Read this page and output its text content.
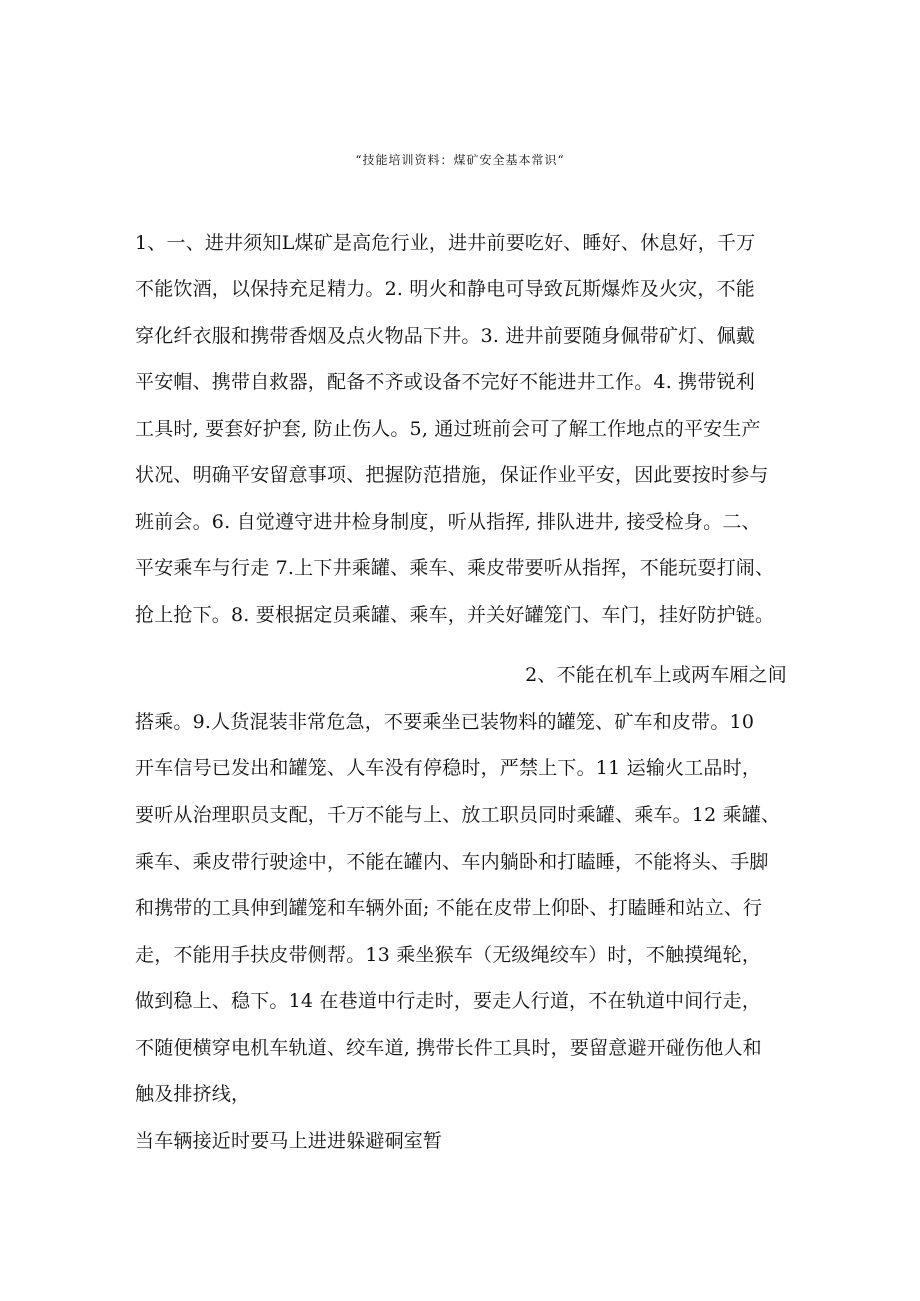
“技能培训资料：煤矿安全基本常识“
1、一、进井须知L煤矿是高危行业，进井前要吃好、睡好、休息好，千万
不能饮酒，以保持充足精力。2. 明火和静电可导致瓦斯爆炸及火灾，不能
穿化纤衣服和携带香烟及点火物品下井。3. 进井前要随身佩带矿灯、佩戴
平安帽、携带自救器，配备不齐或设备不完好不能进井工作。4. 携带锐利
工具时, 要套好护套, 防止伤人。5, 通过班前会可了解工作地点的平安生产
状况、明确平安留意事项、把握防范措施，保证作业平安，因此要按时参与
班前会。6. 自觉遵守进井检身制度，听从指挥, 排队进井, 接受检身。二、
平安乘车与行走 7.上下井乘罐、乘车、乘皮带要听从指挥，不能玩耍打闹、
抢上抢下。8. 要根据定员乘罐、乘车，并关好罐笼门、车门，挂好防护链。
2、不能在机车上或两车厢之间
搭乘。9.人货混装非常危急，不要乘坐已装物料的罐笼、矿车和皮带。10
开车信号已发出和罐笼、人车没有停稳时，严禁上下。11 运输火工品时，
要听从治理职员支配，千万不能与上、放工职员同时乘罐、乘车。12 乘罐、
乘车、乘皮带行驶途中，不能在罐内、车内躺卧和打瞌睡，不能将头、手脚
和携带的工具伸到罐笼和车辆外面; 不能在皮带上仰卧、打瞌睡和站立、行
走，不能用手扶皮带侧帮。13 乘坐猴车（无级绳绞车）时，不触摸绳轮，
做到稳上、稳下。14 在巷道中行走时，要走人行道，不在轨道中间行走，
不随便横穿电机车轨道、绞车道, 携带长件工具时，要留意避开碰伤他人和
触及排挤线，
当车辆接近时要马上进进躲避硐室暂
